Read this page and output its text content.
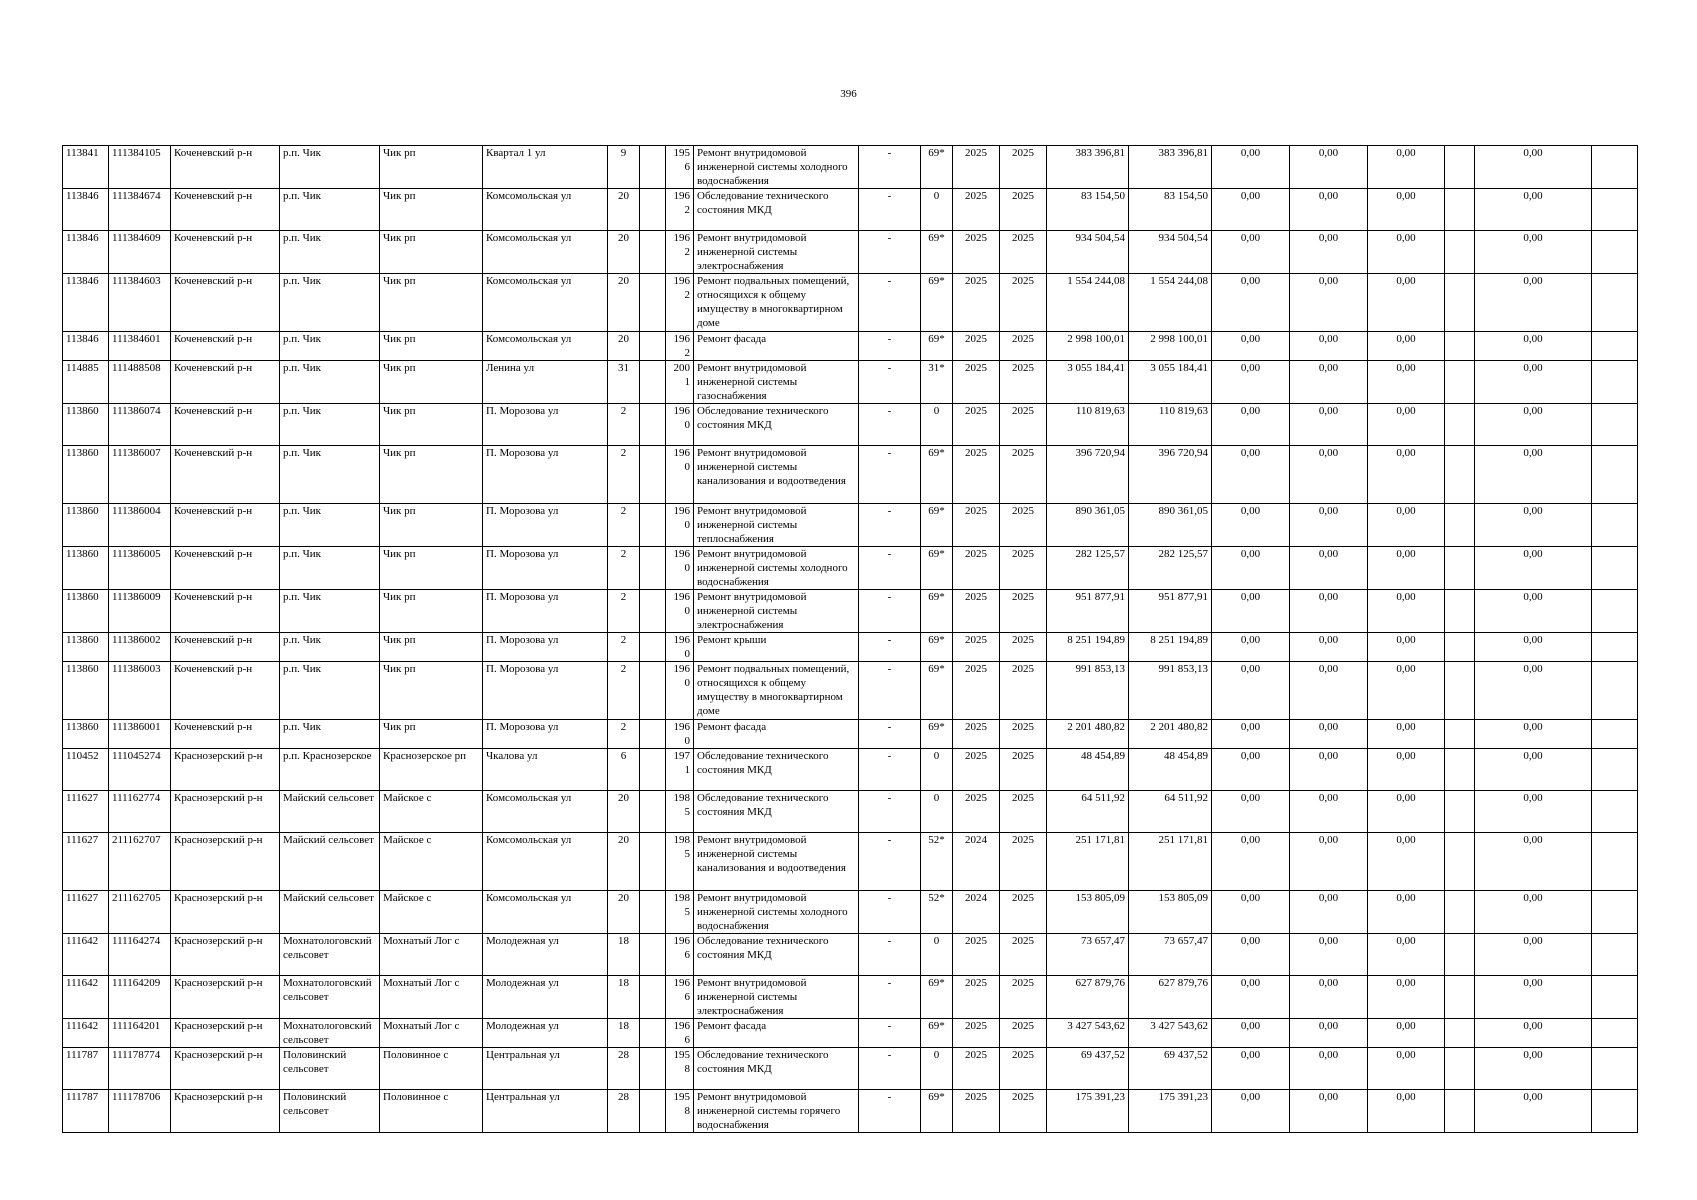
396
113841	111384105	Коченевский р-н	р.п. Чик	Чик рп	Квартал 1 ул	9		1956	Ремонт внутридомовой инженерной системы холодного водоснабжения	-	69*	2025	2025	383 396,81	383 396,81	0,00	0,00	0,00		0,00	
113846	111384674	Коченевский р-н	р.п. Чик	Чик рп	Комсомольская ул	20		1962	Обследование технического состояния МКД	-	0	2025	2025	83 154,50	83 154,50	0,00	0,00	0,00		0,00	
113846	111384609	Коченевский р-н	р.п. Чик	Чик рп	Комсомольская ул	20		1962	Ремонт внутридомовой инженерной системы электроснабжения	-	69*	2025	2025	934 504,54	934 504,54	0,00	0,00	0,00		0,00	
113846	111384603	Коченевский р-н	р.п. Чик	Чик рп	Комсомольская ул	20		1962	Ремонт подвальных помещений, относящихся к общему имуществу в многоквартирном доме	-	69*	2025	2025	1 554 244,08	1 554 244,08	0,00	0,00	0,00		0,00	
113846	111384601	Коченевский р-н	р.п. Чик	Чик рп	Комсомольская ул	20		1962	Ремонт фасада	-	69*	2025	2025	2 998 100,01	2 998 100,01	0,00	0,00	0,00		0,00	
114885	111488508	Коченевский р-н	р.п. Чик	Чик рп	Ленина ул	31		2001	Ремонт внутридомовой инженерной системы газоснабжения	-	31*	2025	2025	3 055 184,41	3 055 184,41	0,00	0,00	0,00		0,00	
113860	111386074	Коченевский р-н	р.п. Чик	Чик рп	П. Морозова ул	2		1960	Обследование технического состояния МКД	-	0	2025	2025	110 819,63	110 819,63	0,00	0,00	0,00		0,00	
113860	111386007	Коченевский р-н	р.п. Чик	Чик рп	П. Морозова ул	2		1960	Ремонт внутридомовой инженерной системы канализования и водоотведения	-	69*	2025	2025	396 720,94	396 720,94	0,00	0,00	0,00		0,00	
113860	111386004	Коченевский р-н	р.п. Чик	Чик рп	П. Морозова ул	2		1960	Ремонт внутридомовой инженерной системы теплоснабжения	-	69*	2025	2025	890 361,05	890 361,05	0,00	0,00	0,00		0,00	
113860	111386005	Коченевский р-н	р.п. Чик	Чик рп	П. Морозова ул	2		1960	Ремонт внутридомовой инженерной системы холодного водоснабжения	-	69*	2025	2025	282 125,57	282 125,57	0,00	0,00	0,00		0,00	
113860	111386009	Коченевский р-н	р.п. Чик	Чик рп	П. Морозова ул	2		1960	Ремонт внутридомовой инженерной системы электроснабжения	-	69*	2025	2025	951 877,91	951 877,91	0,00	0,00	0,00		0,00	
113860	111386002	Коченевский р-н	р.п. Чик	Чик рп	П. Морозова ул	2		1960	Ремонт крыши	-	69*	2025	2025	8 251 194,89	8 251 194,89	0,00	0,00	0,00		0,00	
113860	111386003	Коченевский р-н	р.п. Чик	Чик рп	П. Морозова ул	2		1960	Ремонт подвальных помещений, относящихся к общему имуществу в многоквартирном доме	-	69*	2025	2025	991 853,13	991 853,13	0,00	0,00	0,00		0,00	
113860	111386001	Коченевский р-н	р.п. Чик	Чик рп	П. Морозова ул	2		1960	Ремонт фасада	-	69*	2025	2025	2 201 480,82	2 201 480,82	0,00	0,00	0,00		0,00	
110452	111045274	Краснозерский р-н	р.п. Краснозерское	Краснозерское рп	Чкалова ул	6		1971	Обследование технического состояния МКД	-	0	2025	2025	48 454,89	48 454,89	0,00	0,00	0,00		0,00	
111627	111162774	Краснозерский р-н	Майский сельсовет	Майское с	Комсомольская ул	20		1985	Обследование технического состояния МКД	-	0	2025	2025	64 511,92	64 511,92	0,00	0,00	0,00		0,00	
111627	211162707	Краснозерский р-н	Майский сельсовет	Майское с	Комсомольская ул	20		1985	Ремонт внутридомовой инженерной системы канализования и водоотведения	-	52*	2024	2025	251 171,81	251 171,81	0,00	0,00	0,00		0,00	
111627	211162705	Краснозерский р-н	Майский сельсовет	Майское с	Комсомольская ул	20		1985	Ремонт внутридомовой инженерной системы холодного водоснабжения	-	52*	2024	2025	153 805,09	153 805,09	0,00	0,00	0,00		0,00	
111642	111164274	Краснозерский р-н	Мохнатологовский сельсовет	Мохнатый Лог с	Молодежная ул	18		1966	Обследование технического состояния МКД	-	0	2025	2025	73 657,47	73 657,47	0,00	0,00	0,00		0,00	
111642	111164209	Краснозерский р-н	Мохнатологовский сельсовет	Мохнатый Лог с	Молодежная ул	18		1966	Ремонт внутридомовой инженерной системы электроснабжения	-	69*	2025	2025	627 879,76	627 879,76	0,00	0,00	0,00		0,00	
111642	111164201	Краснозерский р-н	Мохнатологовский сельсовет	Мохнатый Лог с	Молодежная ул	18		1966	Ремонт фасада	-	69*	2025	2025	3 427 543,62	3 427 543,62	0,00	0,00	0,00		0,00	
111787	111178774	Краснозерский р-н	Половинский сельсовет	Половинное с	Центральная ул	28		1958	Обследование технического состояния МКД	-	0	2025	2025	69 437,52	69 437,52	0,00	0,00	0,00		0,00	
111787	111178706	Краснозерский р-н	Половинский сельсовет	Половинное с	Центральная ул	28		1958	Ремонт внутридомовой инженерной системы горячего водоснабжения	-	69*	2025	2025	175 391,23	175 391,23	0,00	0,00	0,00		0,00	
